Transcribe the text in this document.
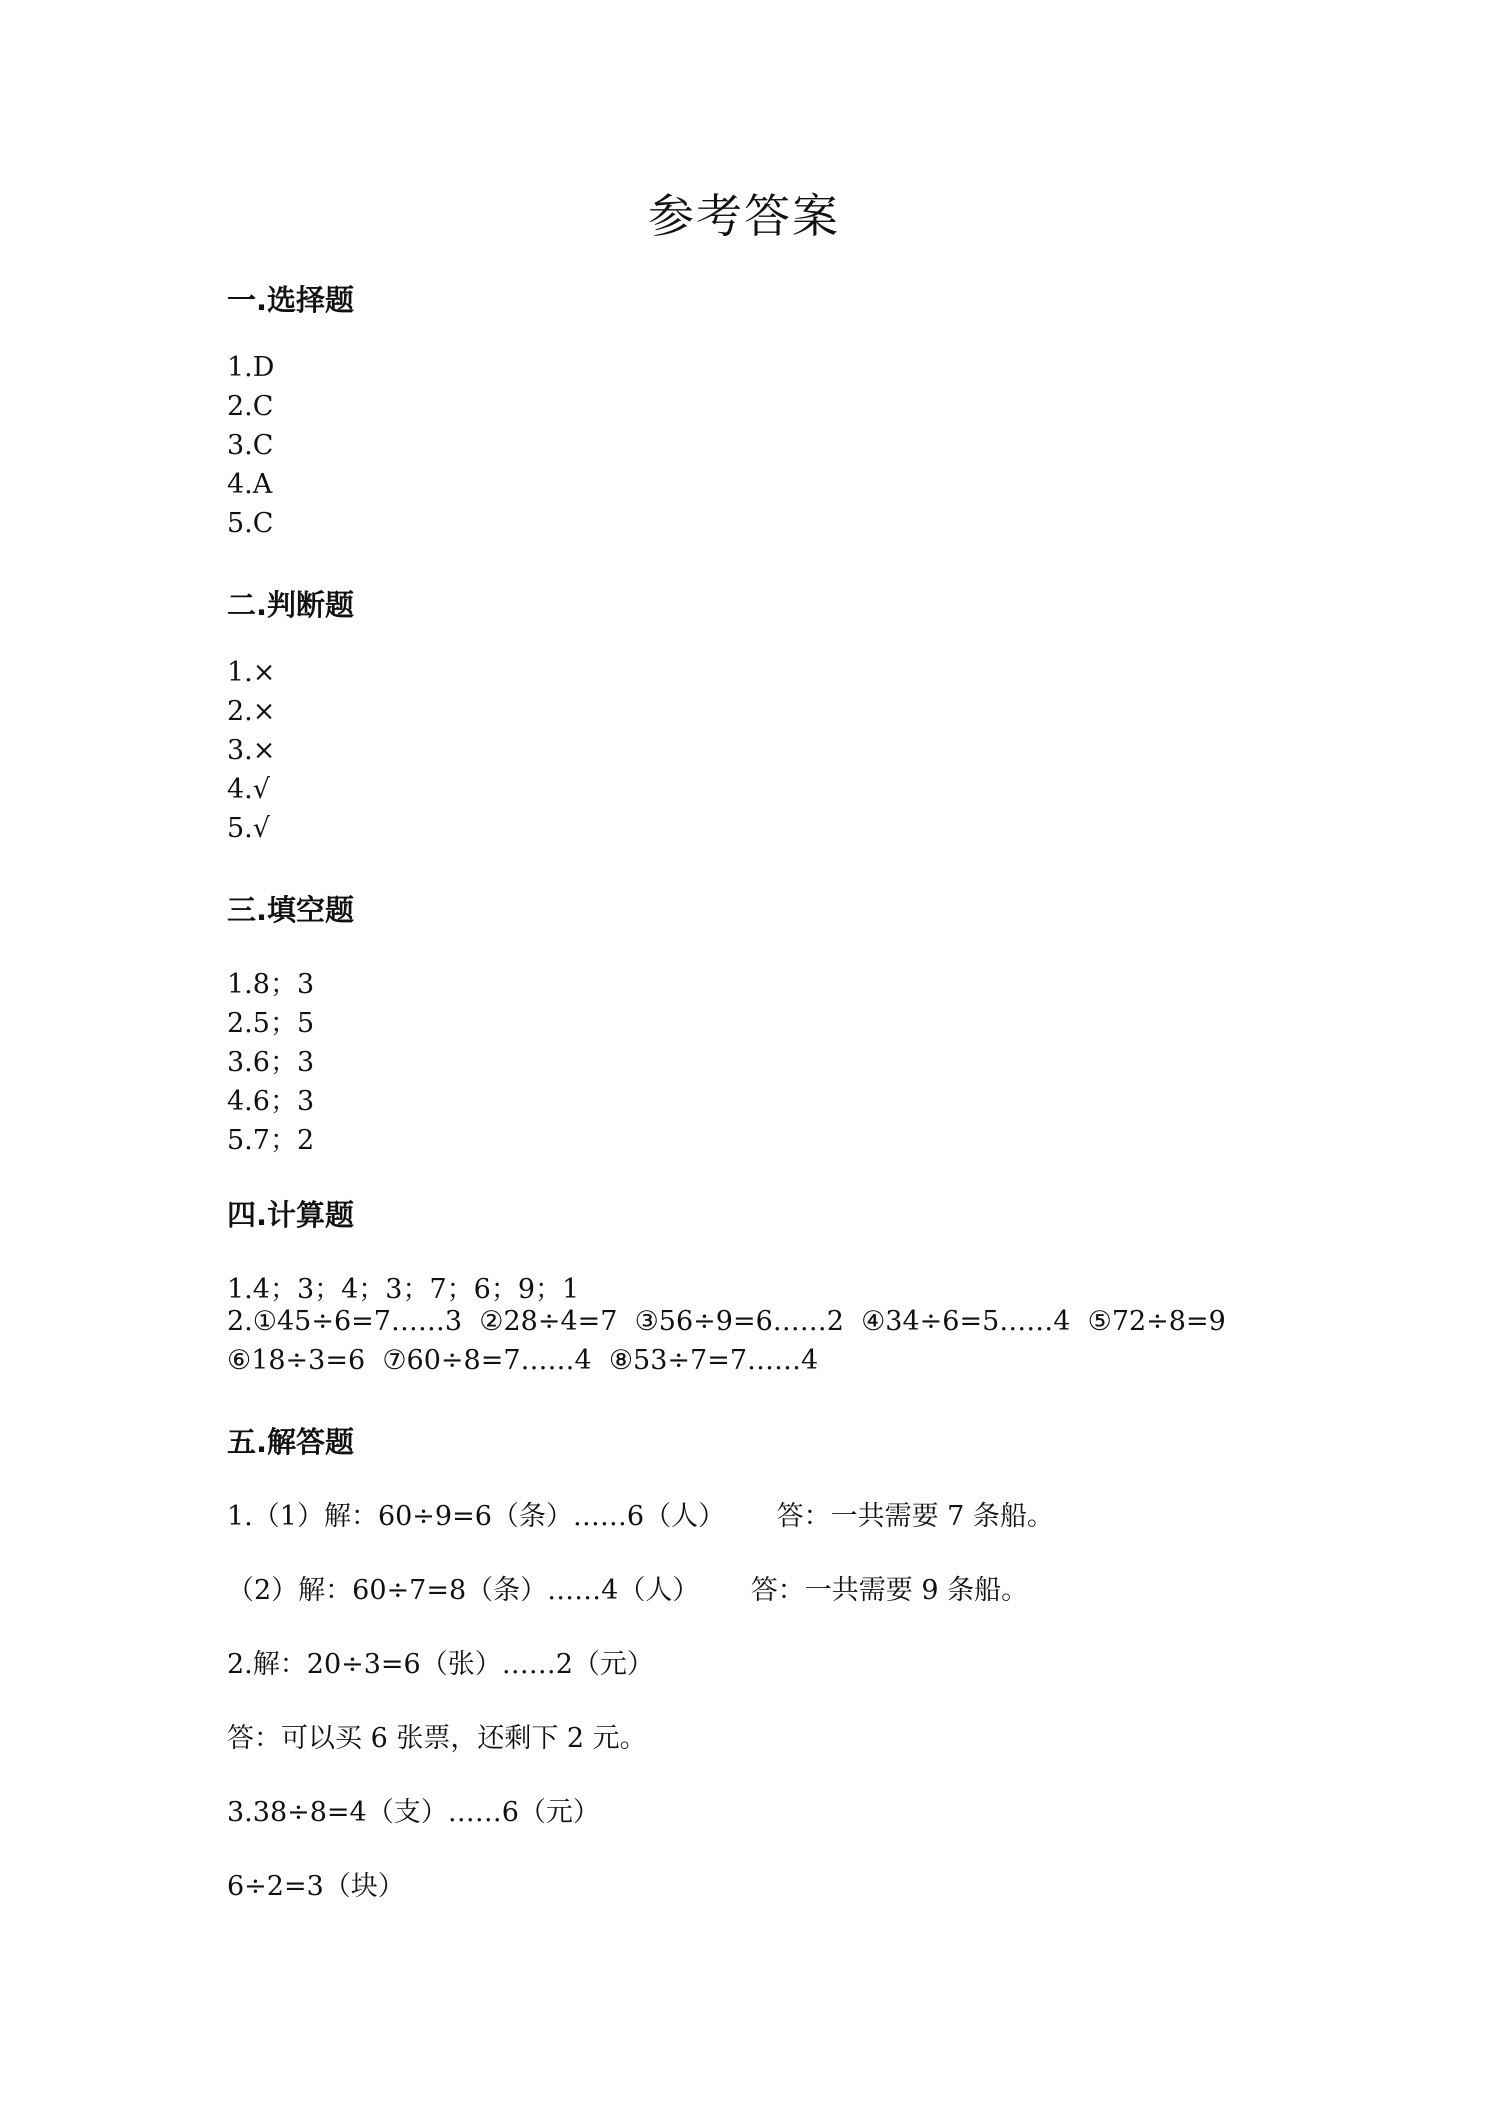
参考答案
一.选择题
1.D
2.C
3.C
4.A
5.C
二.判断题
1.×
2.×
3.×
4.√
5.√
三.填空题
1.8；3
2.5；5
3.6；3
4.6；3
5.7；2
四.计算题
1.4；3；4；3；7；6；9；1
2.①45÷6=7……3  ②28÷4=7  ③56÷9=6……2  ④34÷6=5……4  ⑤72÷8=9
⑥18÷3=6  ⑦60÷8=7……4  ⑧53÷7=7……4
五.解答题
1.（1）解：60÷9=6（条）……6（人）      答：一共需要 7 条船。
（2）解：60÷7=8（条）……4（人）      答：一共需要 9 条船。
2.解：20÷3=6（张）……2（元）
答：可以买 6 张票，还剩下 2 元。
3.38÷8=4（支）……6（元）
6÷2=3（块）
